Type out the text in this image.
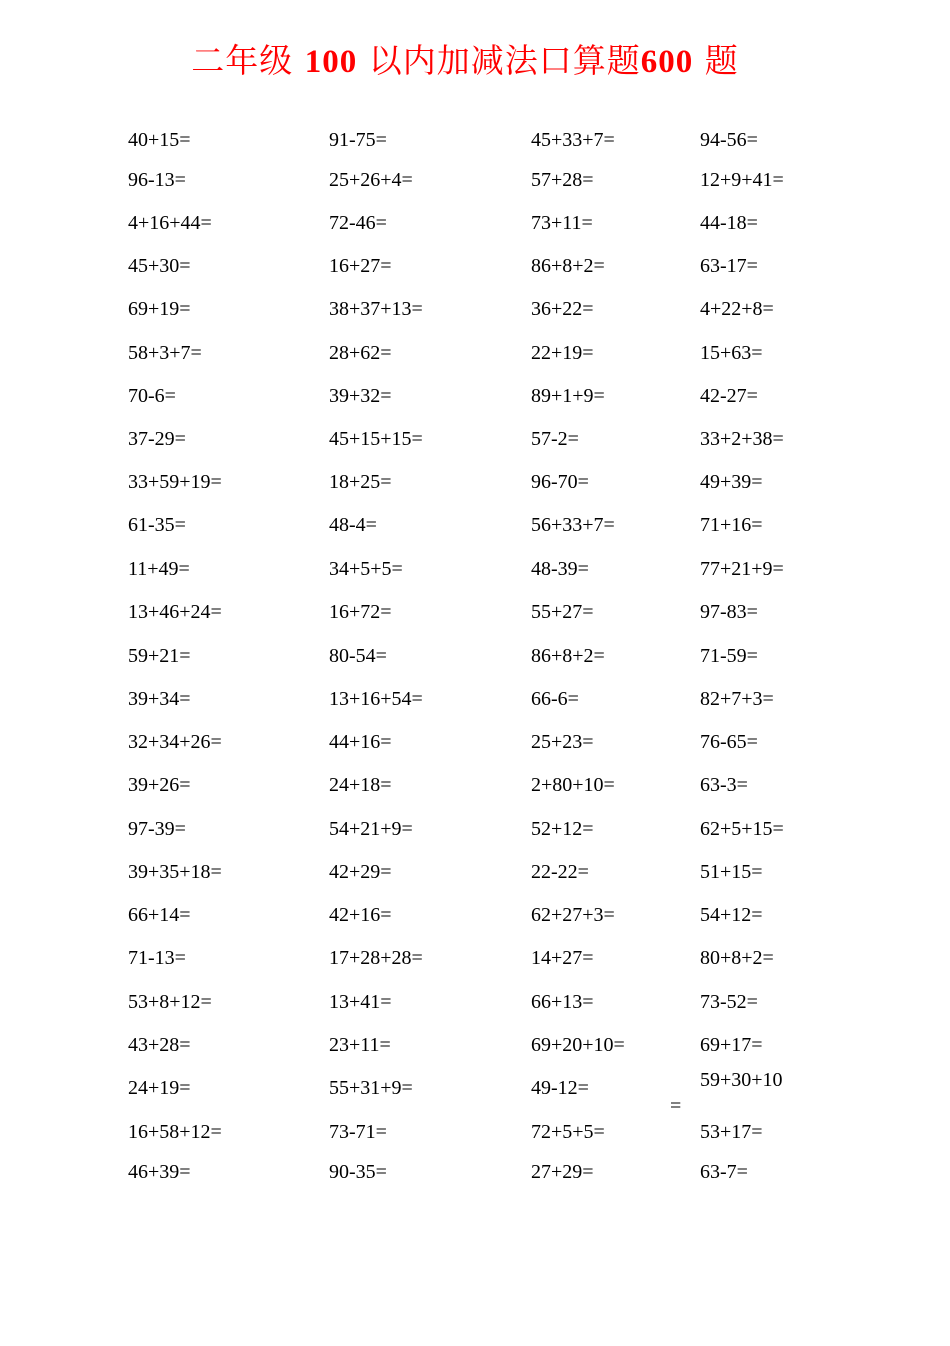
二年级 100 以内加减法口算题600 题
40+15=
96-13=
4+16+44=
45+30=
69+19=
58+3+7=
70-6=
37-29=
33+59+19=
61-35=
11+49=
13+46+24=
59+21=
39+34=
32+34+26=
39+26=
97-39=
39+35+18=
66+14=
71-13=
53+8+12=
43+28=
24+19=
16+58+12=
46+39=
91-75=
25+26+4=
72-46=
16+27=
38+37+13=
28+62=
39+32=
45+15+15=
18+25=
48-4=
34+5+5=
16+72=
80-54=
13+16+54=
44+16=
24+18=
54+21+9=
42+29=
42+16=
17+28+28=
13+41=
23+11=
55+31+9=
73-71=
90-35=
45+33+7=
57+28=
73+11=
86+8+2=
36+22=
22+19=
89+1+9=
57-2=
96-70=
56+33+7=
48-39=
55+27=
86+8+2=
66-6=
25+23=
2+80+10=
52+12=
22-22=
62+27+3=
14+27=
66+13=
69+20+10=
49-12=
72+5+5=
27+29=
94-56=
12+9+41=
44-18=
63-17=
4+22+8=
15+63=
42-27=
33+2+38=
49+39=
71+16=
77+21+9=
97-83=
71-59=
82+7+3=
76-65=
63-3=
62+5+15=
51+15=
54+12=
80+8+2=
73-52=
69+17=
59+30+10
53+17=
63-7=
=
